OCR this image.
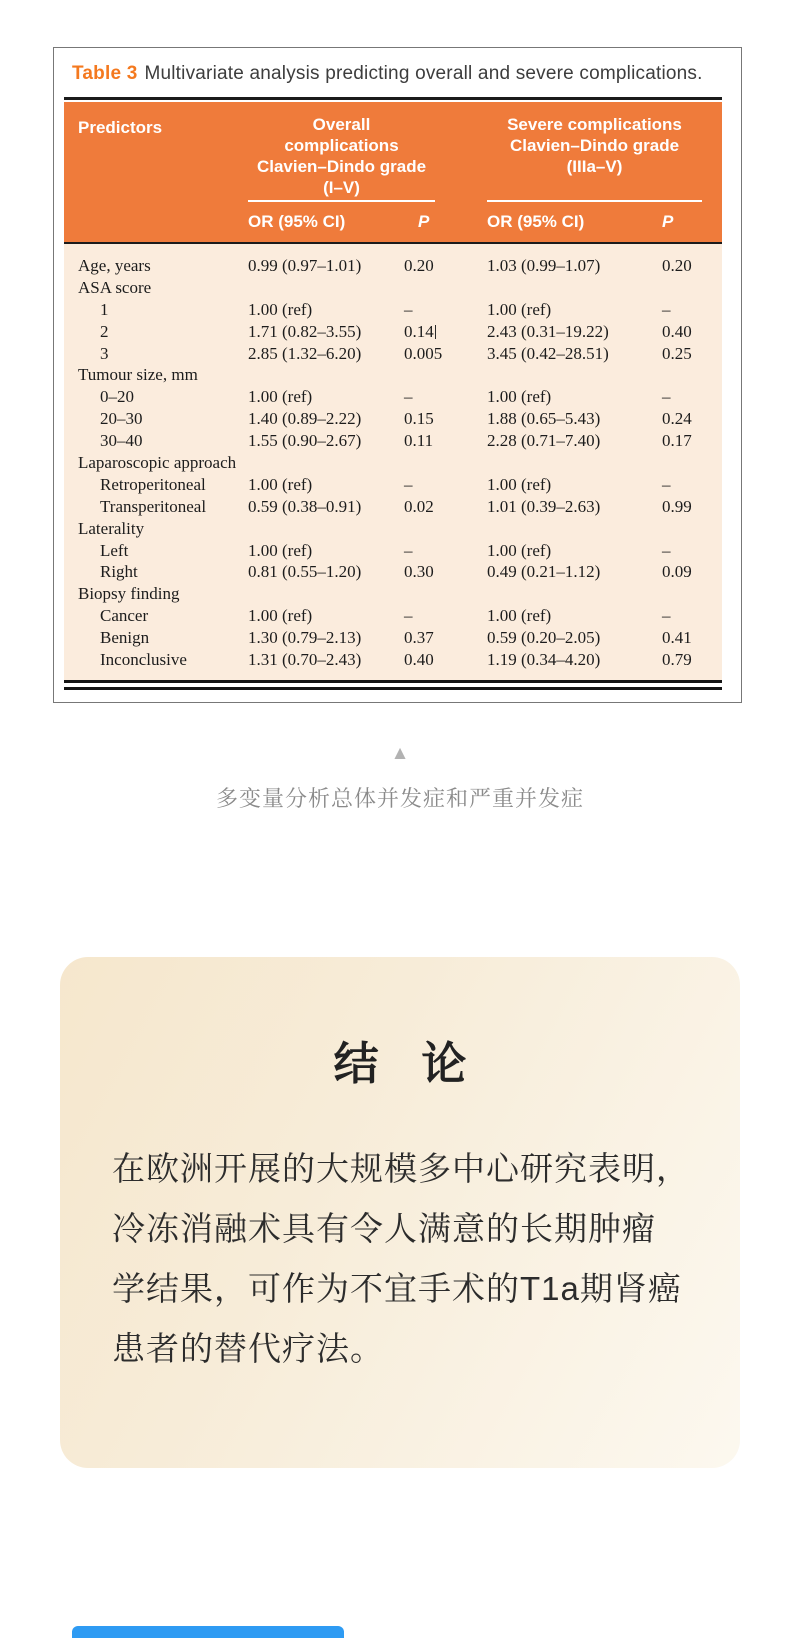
Table 3 Multivariate analysis predicting overall and severe complications.
Predictors	Overall
complications
Clavien–Dindo grade
(I–V)
Severe complications
Clavien–Dindo grade
(IIIa–V)
OR (95% CI)	P	OR (95% CI)	P
Age, years	0.99 (0.97–1.01)	0.20	1.03 (0.99–1.07)	0.20
ASA score
1	1.00 (ref)	–	1.00 (ref)	–
2	1.71 (0.82–3.55)	0.14	2.43 (0.31–19.22)	0.40
3	2.85 (1.32–6.20)	0.005	3.45 (0.42–28.51)	0.25
Tumour size, mm
0–20	1.00 (ref)	–	1.00 (ref)	–
20–30	1.40 (0.89–2.22)	0.15	1.88 (0.65–5.43)	0.24
30–40	1.55 (0.90–2.67)	0.11	2.28 (0.71–7.40)	0.17
Laparoscopic approach
Retroperitoneal	1.00 (ref)	–	1.00 (ref)	–
Transperitoneal	0.59 (0.38–0.91)	0.02	1.01 (0.39–2.63)	0.99
Laterality
Left	1.00 (ref)	–	1.00 (ref)	–
Right	0.81 (0.55–1.20)	0.30	0.49 (0.21–1.12)	0.09
Biopsy finding
Cancer	1.00 (ref)	–	1.00 (ref)	–
Benign	1.30 (0.79–2.13)	0.37	0.59 (0.20–2.05)	0.41
Inconclusive	1.31 (0.70–2.43)	0.40	1.19 (0.34–4.20)	0.79
▲
多变量分析总体并发症和严重并发症
结 论
在欧洲开展的大规模多中心研究表明，
冷冻消融术具有令人满意的长期肿瘤
学结果，可作为不宜手术的T1a期肾癌
患者的替代疗法。
